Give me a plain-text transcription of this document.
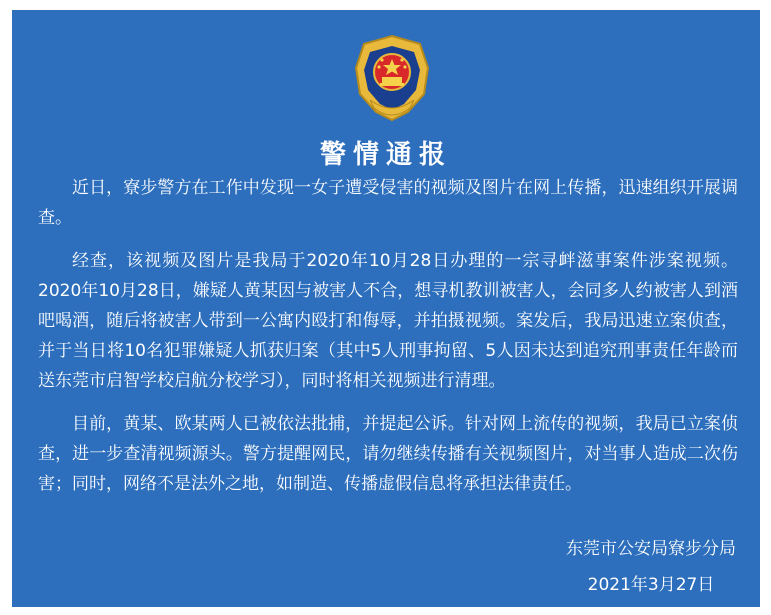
警情通报

近日，寮步警方在工作中发现一女子遭受侵害的视频及图片在网上传播，迅速组织开展调查。

经查，该视频及图片是我局于2020年10月28日办理的一宗寻衅滋事案件涉案视频。2020年10月28日，嫌疑人黄某因与被害人不合，想寻机教训被害人，会同多人约被害人到酒吧喝酒，随后将被害人带到一公寓内殴打和侮辱，并拍摄视频。案发后，我局迅速立案侦查，并于当日将10名犯罪嫌疑人抓获归案（其中5人刑事拘留、5人因未达到追究刑事责任年龄而送东莞市启智学校启航分校学习），同时将相关视频进行清理。

目前，黄某、欧某两人已被依法批捕，并提起公诉。针对网上流传的视频，我局已立案侦查，进一步查清视频源头。警方提醒网民，请勿继续传播有关视频图片，对当事人造成二次伤害；同时，网络不是法外之地，如制造、传播虚假信息将承担法律责任。

东莞市公安局寮步分局
2021年3月27日
